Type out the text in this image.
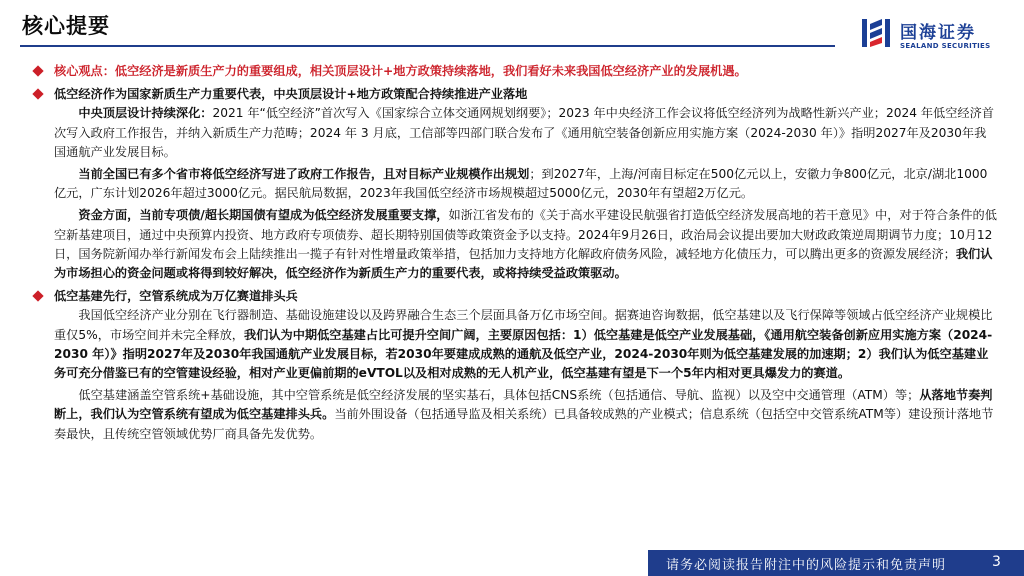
核心提要	国海证券
SEALAND SECURITIES
核心观点：低空经济是新质生产力的重要组成，相关顶层设计+地方政策持续落地，我们看好未来我国低空经济产业的发展机遇。
低空经济作为国家新质生产力重要代表，中央顶层设计+地方政策配合持续推进产业落地
中央顶层设计持续深化：2021 年“低空经济”首次写入《国家综合立体交通网规划纲要》；2023 年中央经济工作会议将低空经济列为战略性新兴产业；2024 年低空经济首次写入政府工作报告，并纳入新质生产力范畴；2024 年 3 月底，工信部等四部门联合发布了《通用航空装备创新应用实施方案（2024-2030 年）》指明2027年及2030年我国通航产业发展目标。
当前全国已有多个省市将低空经济写进了政府工作报告，且对目标产业规模作出规划；到2027年，上海/河南目标定在500亿元以上，安徽力争800亿元，北京/湖北1000亿元，广东计划2026年超过3000亿元。据民航局数据，2023年我国低空经济市场规模超过5000亿元，2030年有望超2万亿元。
资金方面，当前专项债/超长期国债有望成为低空经济发展重要支撑，如浙江省发布的《关于高水平建设民航强省打造低空经济发展高地的若干意见》中，对于符合条件的低空新基建项目，通过中央预算内投资、地方政府专项债券、超长期特别国债等政策资金予以支持。2024年9月26日，政治局会议提出要加大财政政策逆周期调节力度；10月12日，国务院新闻办举行新闻发布会上陆续推出一揽子有针对性增量政策举措，包括加力支持地方化解政府债务风险，减轻地方化债压力，可以腾出更多的资源发展经济；我们认为市场担心的资金问题或将得到较好解决，低空经济作为新质生产力的重要代表，或将持续受益政策驱动。
低空基建先行，空管系统成为万亿赛道排头兵
我国低空经济产业分别在飞行器制造、基础设施建设以及跨界融合生态三个层面具备万亿市场空间。据赛迪咨询数据，低空基建以及飞行保障等领域占低空经济产业规模比重仅5%，市场空间并未完全释放，我们认为中期低空基建占比可提升空间广阔，主要原因包括：1）低空基建是低空产业发展基础，《通用航空装备创新应用实施方案（2024-2030 年）》指明2027年及2030年我国通航产业发展目标，若2030年要建成成熟的通航及低空产业，2024-2030年则为低空基建发展的加速期；2）我们认为低空基建业务可充分借鉴已有的空管建设经验，相对产业更偏前期的eVTOL以及相对成熟的无人机产业，低空基建有望是下一个5年内相对更具爆发力的赛道。
低空基建涵盖空管系统+基础设施，其中空管系统是低空经济发展的坚实基石，具体包括CNS系统（包括通信、导航、监视）以及空中交通管理（ATM）等；从落地节奏判断上，我们认为空管系统有望成为低空基建排头兵。当前外围设备（包括通导监及相关系统）已具备较成熟的产业模式；信息系统（包括空中交管系统ATM等）建设预计落地节奏最快，且传统空管领域优势厂商具备先发优势。
请务必阅读报告附注中的风险提示和免责声明	3
